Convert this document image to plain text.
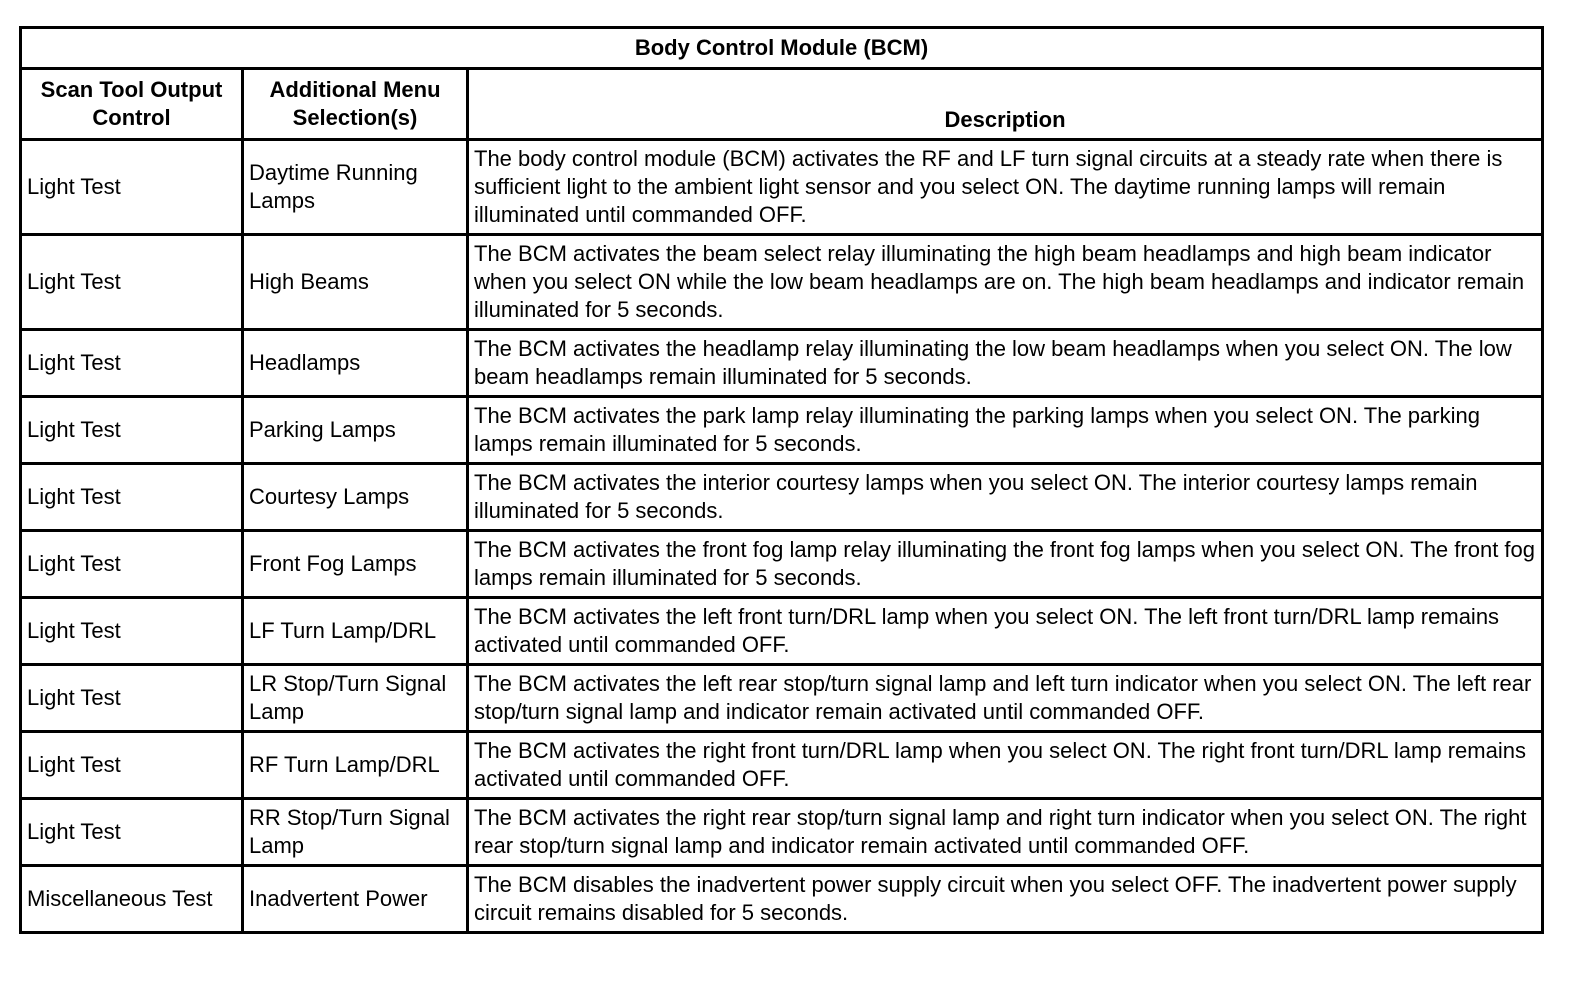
Body Control Module (BCM)		
Scan Tool Output Control	Additional Menu Selection(s)	Description
Light Test	Daytime Running Lamps	The body control module (BCM) activates the RF and LF turn signal circuits at a steady rate when there is sufficient light to the ambient light sensor and you select ON. The daytime running lamps will remain illuminated until commanded OFF.
Light Test	High Beams	The BCM activates the beam select relay illuminating the high beam headlamps and high beam indicator when you select ON while the low beam headlamps are on. The high beam headlamps and indicator remain illuminated for 5 seconds.
Light Test	Headlamps	The BCM activates the headlamp relay illuminating the low beam headlamps when you select ON. The low beam headlamps remain illuminated for 5 seconds.
Light Test	Parking Lamps	The BCM activates the park lamp relay illuminating the parking lamps when you select ON. The parking lamps remain illuminated for 5 seconds.
Light Test	Courtesy Lamps	The BCM activates the interior courtesy lamps when you select ON. The interior courtesy lamps remain illuminated for 5 seconds.
Light Test	Front Fog Lamps	The BCM activates the front fog lamp relay illuminating the front fog lamps when you select ON. The front fog lamps remain illuminated for 5 seconds.
Light Test	LF Turn Lamp/DRL	The BCM activates the left front turn/DRL lamp when you select ON. The left front turn/DRL lamp remains activated until commanded OFF.
Light Test	LR Stop/Turn Signal Lamp	The BCM activates the left rear stop/turn signal lamp and left turn indicator when you select ON. The left rear stop/turn signal lamp and indicator remain activated until commanded OFF.
Light Test	RF Turn Lamp/DRL	The BCM activates the right front turn/DRL lamp when you select ON. The right front turn/DRL lamp remains activated until commanded OFF.
Light Test	RR Stop/Turn Signal Lamp	The BCM activates the right rear stop/turn signal lamp and right turn indicator when you select ON. The right rear stop/turn signal lamp and indicator remain activated until commanded OFF.
Miscellaneous Test	Inadvertent Power	The BCM disables the inadvertent power supply circuit when you select OFF. The inadvertent power supply circuit remains disabled for 5 seconds.
